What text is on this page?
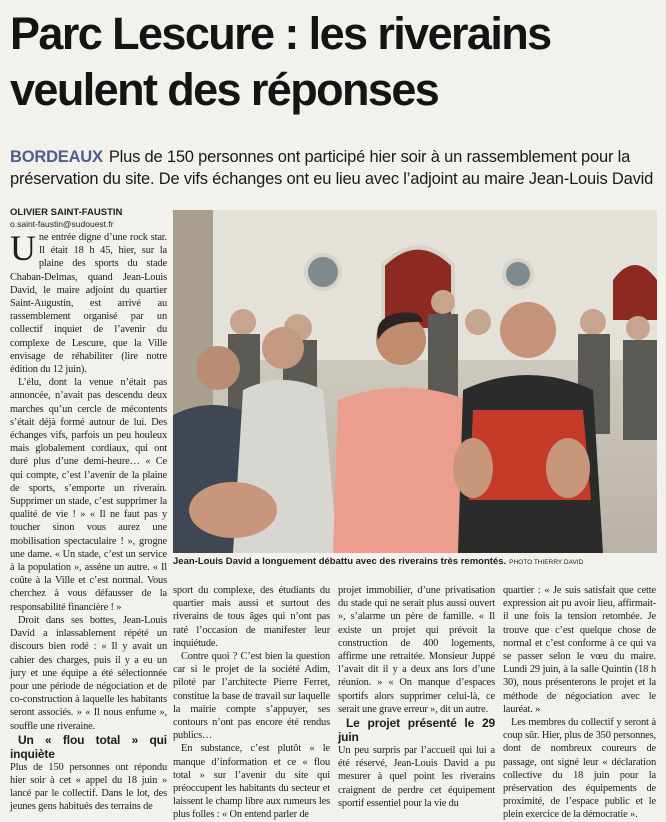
Parc Lescure : les riverains
veulent des réponses
BORDEAUX Plus de 150 personnes ont participé hier soir à un rassemblement pour la préservation du site. De vifs échanges ont eu lieu avec l’adjoint au maire Jean-Louis David
OLIVIER SAINT-FAUSTIN
o.saint-faustin@sudouest.fr

Une entrée digne d’une rock star. Il était 18 h 45, hier, sur la plaine des sports du stade Chaban-Delmas, quand Jean-Louis David, le maire adjoint du quartier Saint-Augustin, est arrivé au rassemblement organisé par un collectif inquiet de l’avenir du complexe de Lescure, que la Ville envisage de réhabiliter (lire notre édition du 12 juin).

L’élu, dont la venue n’était pas annoncée, n’avait pas descendu deux marches qu’un cercle de mécontents s’était déjà formé autour de lui. Des échanges vifs, parfois un peu houleux mais globalement cordiaux, qui ont duré plus d’une demi-heure… « Ce qui compte, c’est l’avenir de la plaine de sports, s’emporte un riverain. Supprimer un stade, c’est supprimer la qualité de vie ! » « Il ne faut pas y toucher sinon vous aurez une mobilisation spectaculaire ! », grogne une dame. « Un stade, c’est un service à la population », assène un autre. « Il coûte à la Ville et c’est normal. Vous cherchez à vous défausser de la responsabilité financière ! »

Droit dans ses bottes, Jean-Louis David a inlassablement répété un discours bien rodé : « Il y avait un cahier des charges, puis il y a eu un jury et une équipe a été sélectionnée pour une période de négociation et de co-construction à laquelle les habitants seront associés. » « Il nous enfume », souffle une riveraine.

Un « flou total » qui inquiète

Plus de 150 personnes ont répondu hier soir à cet « appel du 18 juin » lancé par le collectif. Dans le lot, des jeunes gens habitués des terrains de

Jean-Louis David a longuement débattu avec des riverains très remontés. PHOTO THIERRY DAVID

sport du complexe, des étudiants du quartier mais aussi et surtout des riverains de tous âges qui n’ont pas raté l’occasion de manifester leur inquiétude.

Contre quoi ? C’est bien la question car si le projet de la société Adim, piloté par l’architecte Pierre Ferret, constitue la base de travail sur laquelle la mairie compte s’appuyer, ses contours n’ont pas encore été rendus publics…

En substance, c’est plutôt « le manque d’information et ce « flou total » sur l’avenir du site qui préoccupent les habitants du secteur et laissent le champ libre aux rumeurs les plus folles : « On entend parler de

projet immobilier, d’une privatisation du stade qui ne serait plus aussi ouvert », s’alarme un père de famille. « Il existe un projet qui prévoit la construction de 400 logements, affirme une retraitée. Monsieur Juppé l’avait dit il y a deux ans lors d’une réunion. » « On manque d’espaces sportifs alors supprimer celui-là, ce serait une grave erreur », dit un autre.

Le projet présenté le 29 juin

Un peu surpris par l’accueil qui lui a été réservé, Jean-Louis David a pu mesurer à quel point les riverains craignent de perdre cet équipement sportif essentiel pour la vie du

quartier : « Je suis satisfait que cette expression ait pu avoir lieu, affirmait-il une fois la tension retombée. Je trouve que c’est quelque chose de normal et c’est conforme à ce qui va se passer selon le vœu du maire. Lundi 29 juin, à la salle Quintin (18 h 30), nous présenterons le projet et la méthode de négociation avec le lauréat. »

Les membres du collectif y seront à coup sûr. Hier, plus de 350 personnes, dont de nombreux coureurs de passage, ont signé leur « déclaration collective du 18 juin pour la préservation des équipements de proximité, de l’espace public et le plein exercice de la démocratie ».
